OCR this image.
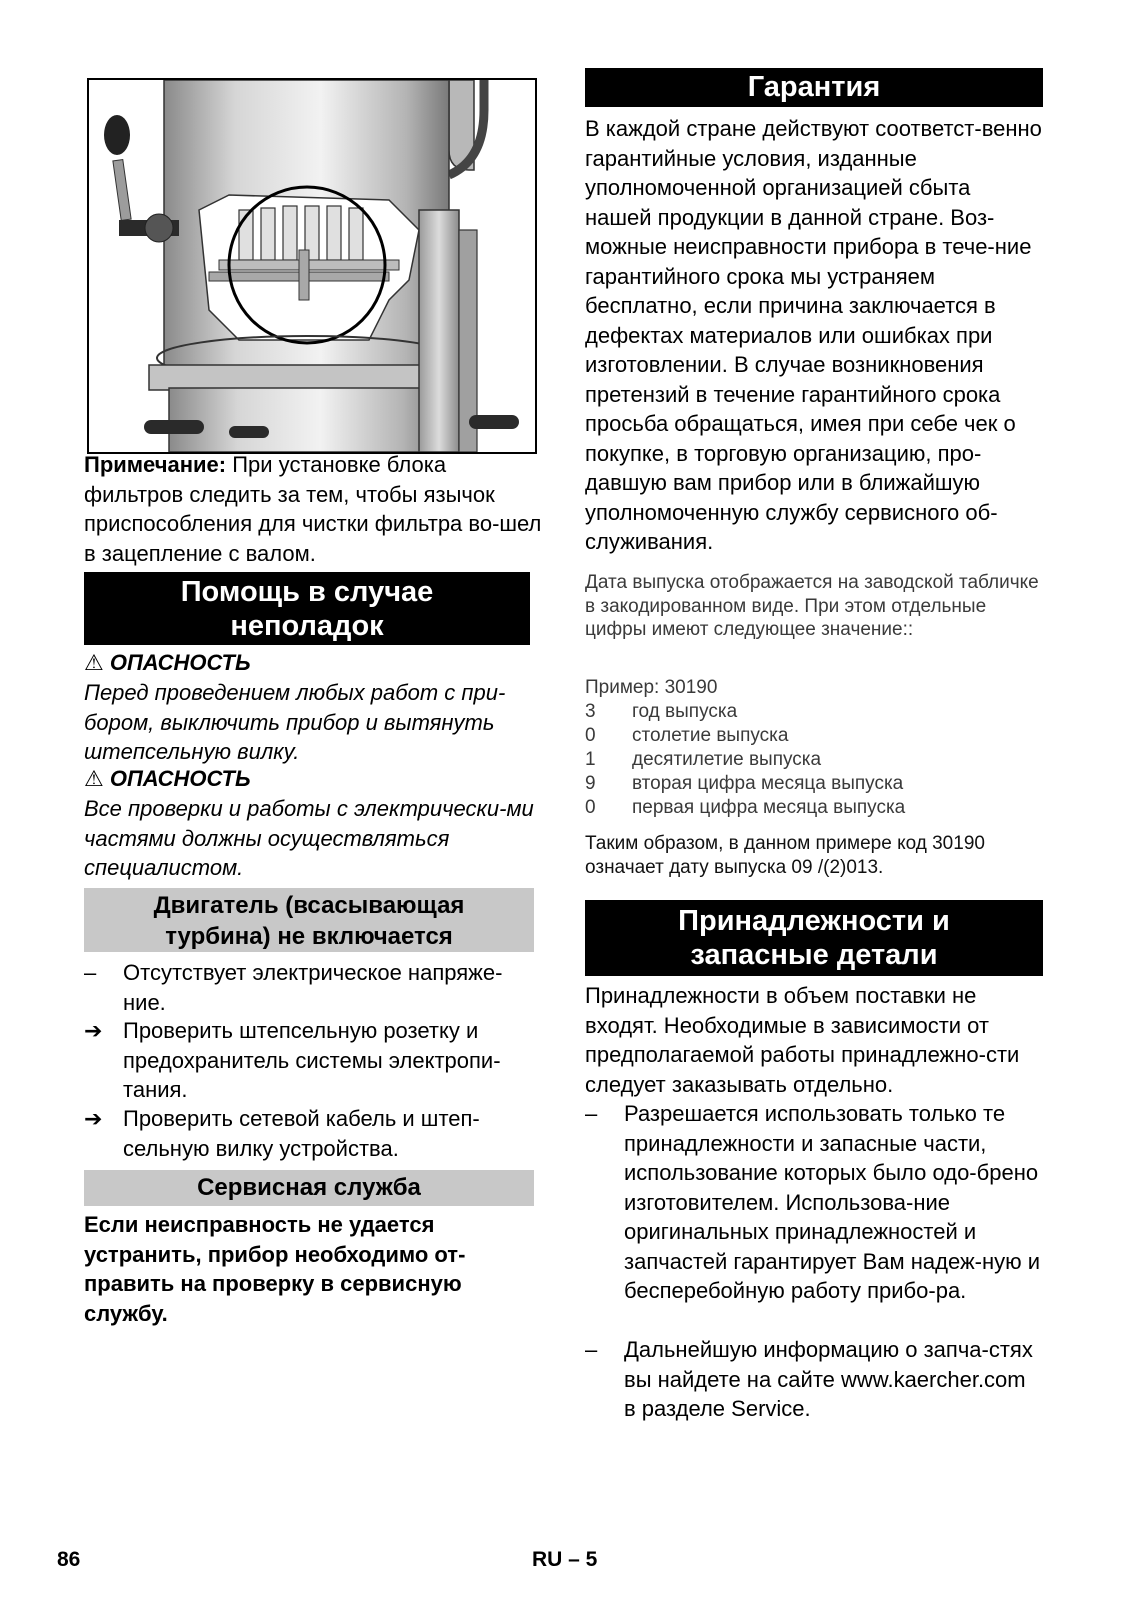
Примечание: При установке блока фильтров следить за тем, чтобы язычок приспособления для чистки фильтра во-шел в зацепление с валом.

Помощь в случае
неполадок
⚠ ОПАСНОСТЬ

Перед проведением любых работ с при-бором, выключить прибор и вытянуть штепсельную вилку.

⚠ ОПАСНОСТЬ

Все проверки и работы с электрически-ми частями должны осуществляться специалистом.

Двигатель (всасывающая
турбина) не включается
–	Отсутствует электрическое напряже-ние.
➔ Проверить штепсельную розетку и предохранитель системы электропи-тания.
➔ Проверить сетевой кабель и штеп-сельную вилку устройства.
Сервисная служба

Если неисправность не удается устранить, прибор необходимо от-править на проверку в сервисную службу.

Гарантия

В каждой стране действуют соответст-венно гарантийные условия, изданные уполномоченной организацией сбыта нашей продукции в данной стране. Воз-можные неисправности прибора в тече-ние гарантийного срока мы устраняем бесплатно, если причина заключается в дефектах материалов или ошибках при изготовлении. В случае возникновения претензий в течение гарантийного срока просьба обращаться, имея при себе чек о покупке, в торговую организацию, про-давшую вам прибор или в ближайшую уполномоченную службу сервисного об-служивания.

Дата выпуска отображается на заводской табличке в закодированном виде. При этом отдельные цифры имеют следующее значение::

Пример: 30190

3	год выпуска
0	столетие выпуска
1	десятилетие выпуска
9	вторая цифра месяца выпуска
0	первая цифра месяца выпуска

Таким образом, в данном примере код 30190 означает дату выпуска 09 /(2)013.

Принадлежности и
запасные детали

Принадлежности в объем поставки не входят. Необходимые в зависимости от предполагаемой работы принадлежно-сти следует заказывать отдельно.

–	Разрешается использовать только те принадлежности и запасные части, использование которых было одо-брено изготовителем. Использова-ние оригинальных принадлежностей и запчастей гарантирует Вам надеж-ную и бесперебойную работу прибо-ра.
–	Дальнейшую информацию о запча-стях вы найдете на сайте www.kaercher.com в разделе Service.
86	RU – 5
